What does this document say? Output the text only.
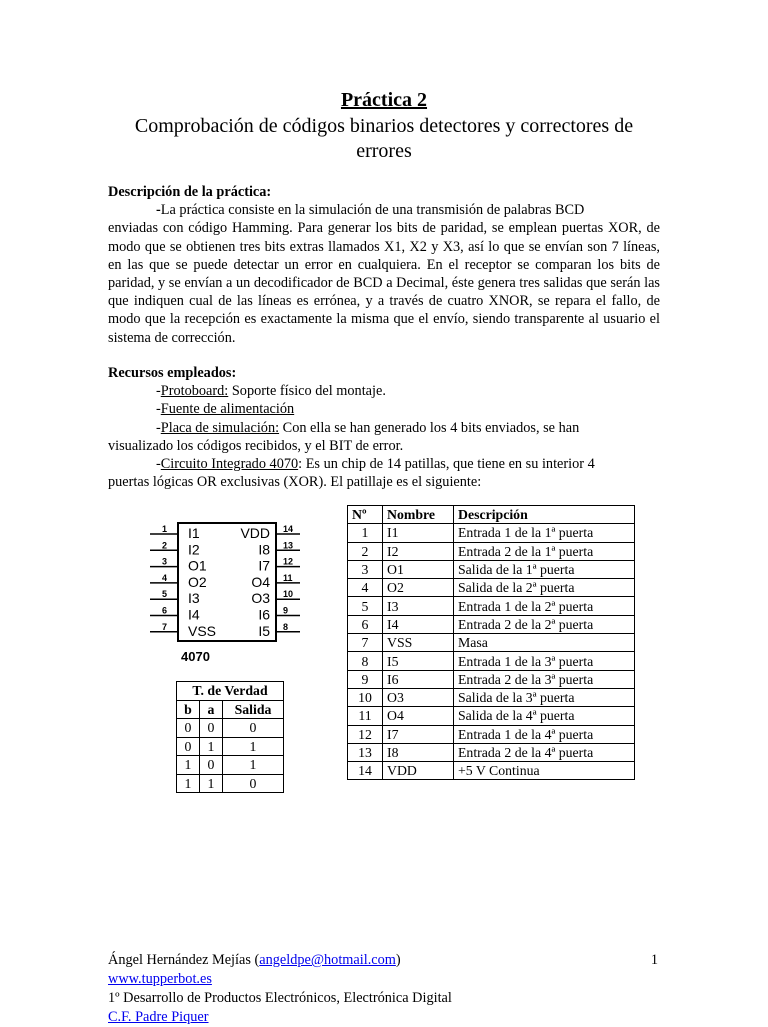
Práctica 2
Comprobación de códigos binarios detectores y correctores de
errores
Descripción de la práctica:
-La práctica consiste en la simulación de una transmisión de palabras BCD
enviadas con código Hamming. Para generar los bits de paridad, se emplean puertas XOR, de modo que se obtienen tres bits extras llamados X1, X2 y X3, así lo que se envían son 7 líneas, en las que se puede detectar un error en cualquiera. En el receptor se comparan los bits de paridad, y se envían a un decodificador de BCD a Decimal, éste genera tres salidas que serán las que indiquen cual de las líneas es errónea, y a través de cuatro XNOR, se repara el fallo, de modo que la recepción es exactamente la misma que el envío, siendo transparente al usuario el sistema de corrección.
Recursos empleados:
-Protoboard: Soporte físico del montaje.
-Fuente de alimentación
-Placa de simulación: Con ella se han generado los 4 bits enviados, se han
visualizado los códigos recibidos, y el BIT de error.
-Circuito Integrado 4070: Es un chip de 14 patillas, que tiene en su interior 4
puertas lógicas OR exclusivas (XOR). El patillaje es el siguiente:
1 I1
2 I2
3 O1
4 O2
5 I3
6 I4
7 VSS
14
VDD
13
I8
12
I7
11
O4
10
O3
9
I6
8
I5
4070
T. de Verdad		
b	a	Salida
0	0	0
0	1	1
1	0	1
1	1	0
Nº	Nombre	Descripción
1	I1	Entrada 1 de la 1ª puerta
2	I2	Entrada 2 de la 1ª puerta
3	O1	Salida de la 1ª puerta
4	O2	Salida de la 2ª puerta
5	I3	Entrada 1 de la 2ª puerta
6	I4	Entrada 2 de la 2ª puerta
7	VSS	Masa
8	I5	Entrada 1 de la 3ª puerta
9	I6	Entrada 2 de la 3ª puerta
10	O3	Salida de la 3ª puerta
11	O4	Salida de la 4ª puerta
12	I7	Entrada 1 de la 4ª puerta
13	I8	Entrada 2 de la 4ª puerta
14	VDD	+5 V Continua
Ángel Hernández Mejías (angeldpe@hotmail.com)	1
www.tupperbot.es
1º Desarrollo de Productos Electrónicos, Electrónica Digital
C.F. Padre Piquer
